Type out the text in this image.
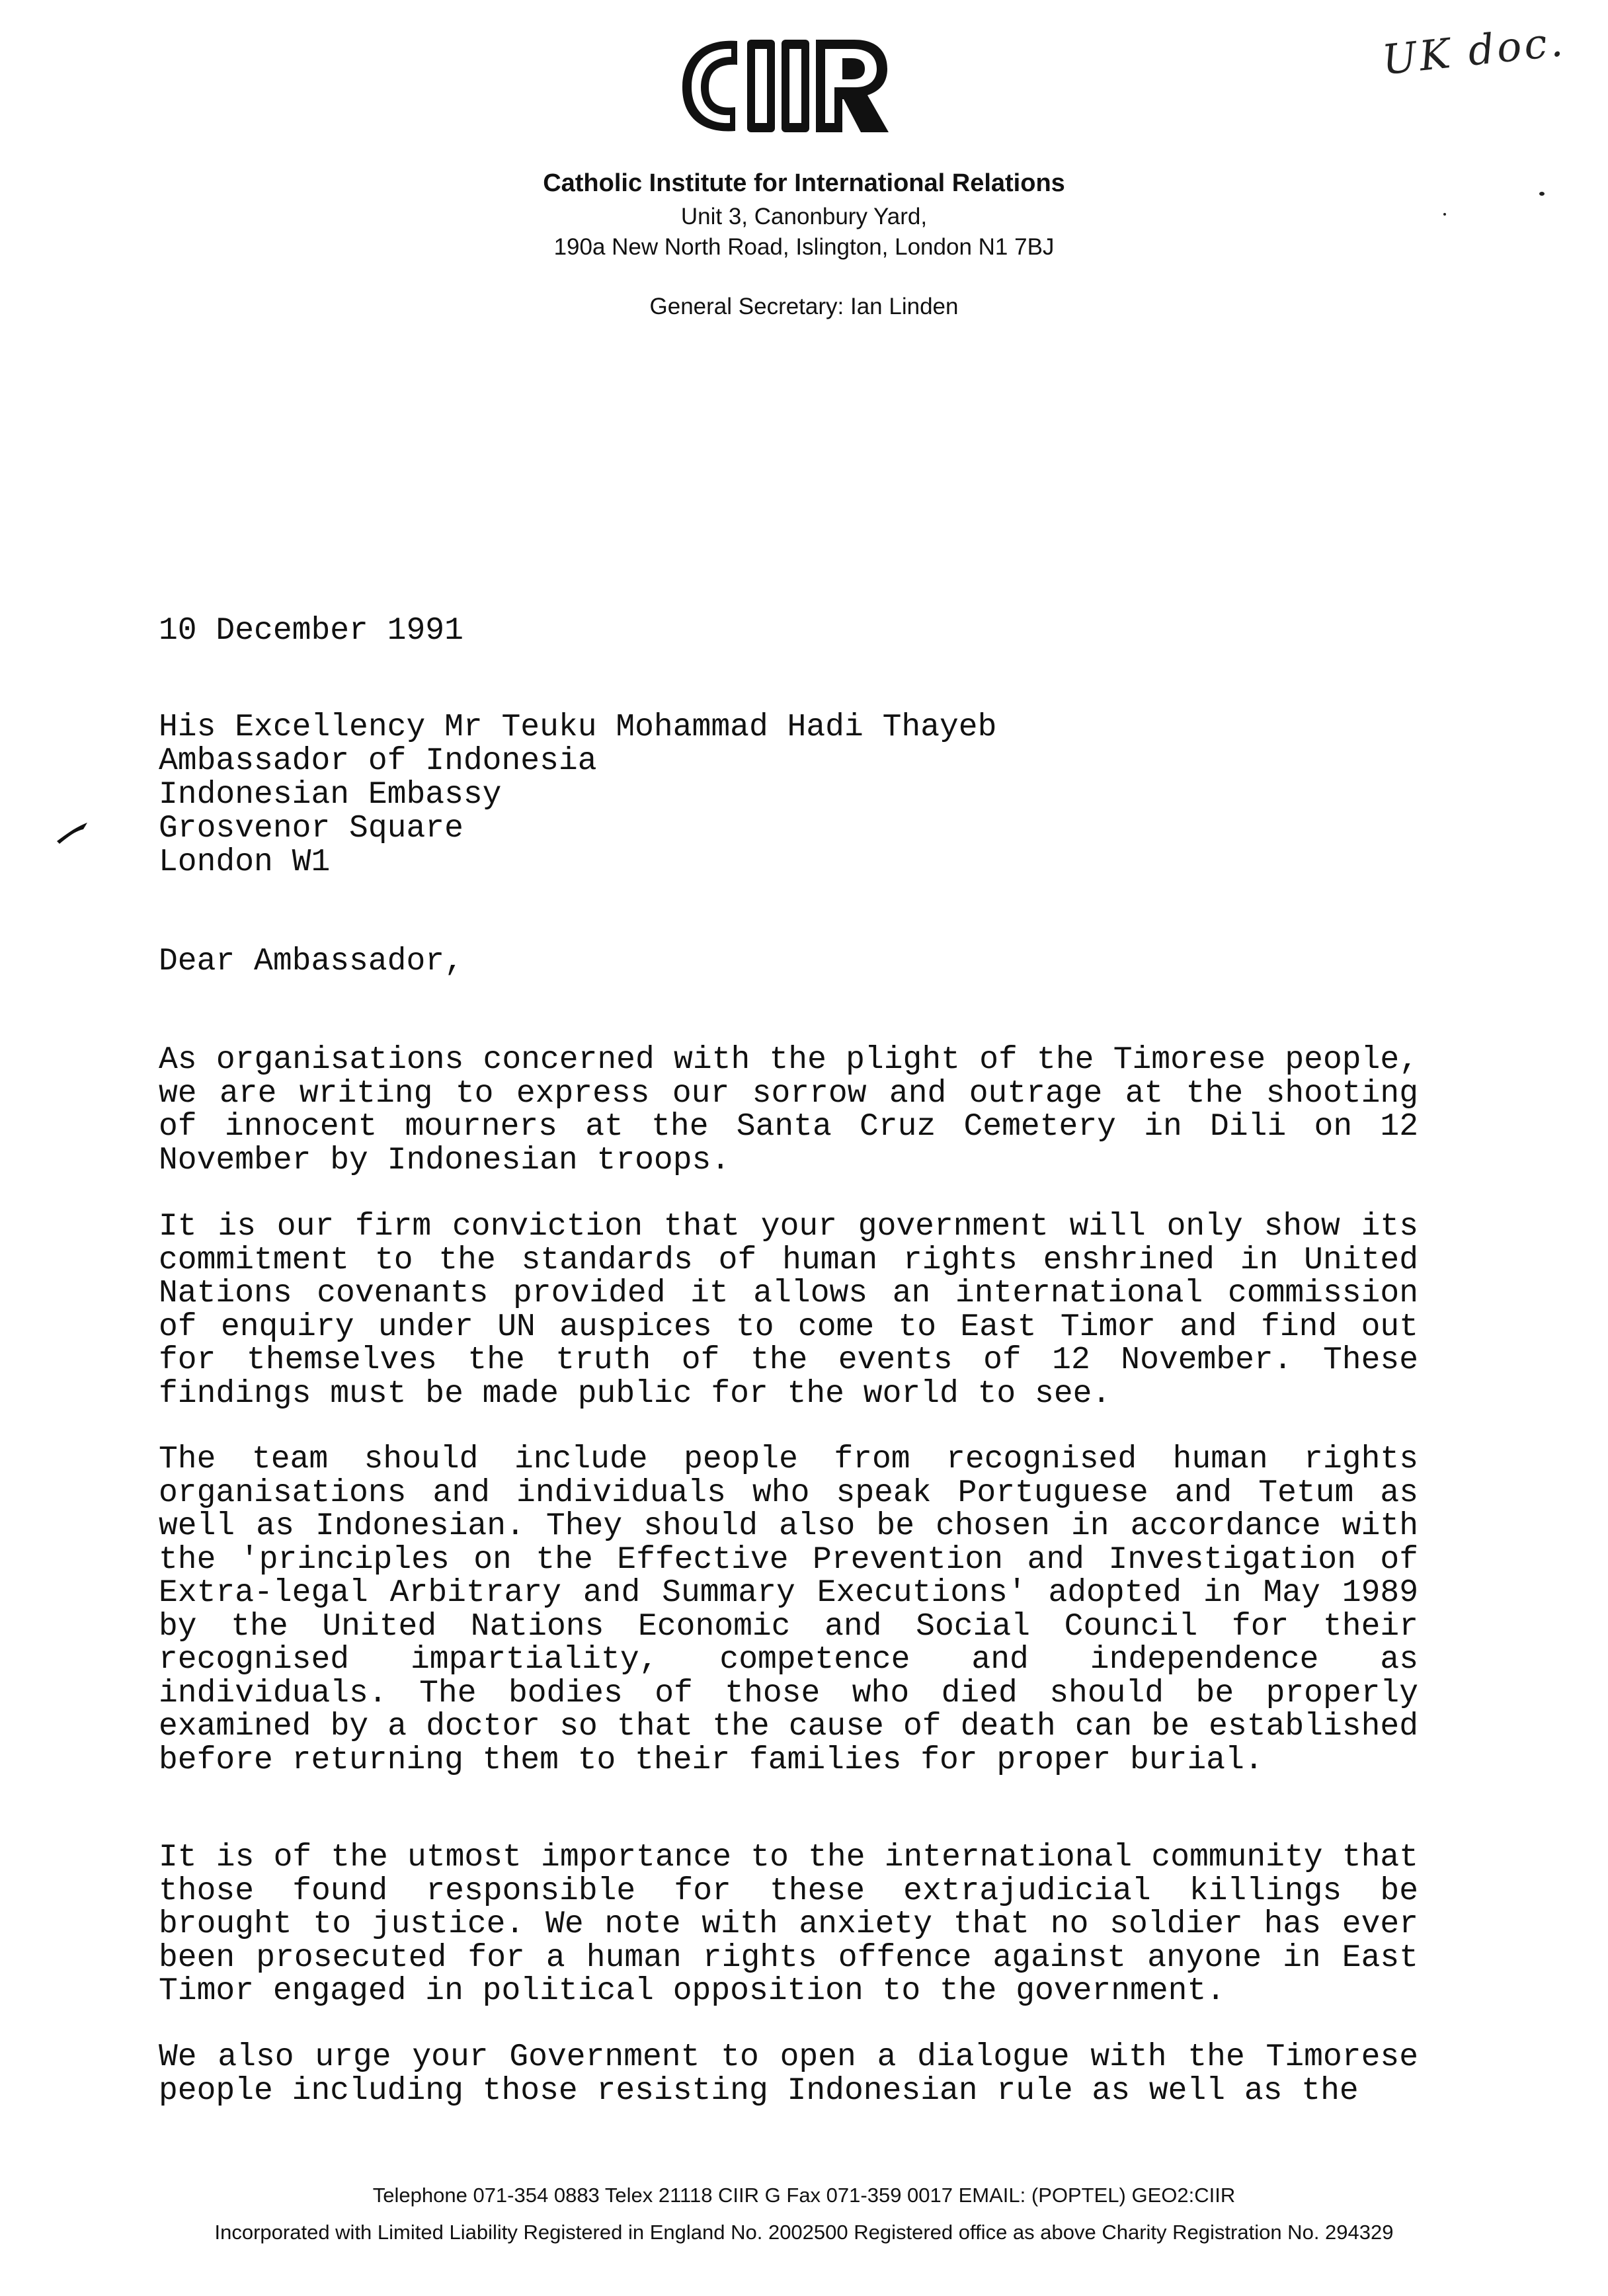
UK doc.
Catholic Institute for International Relations
Unit 3, Canonbury Yard,
190a New North Road, Islington, London N1 7BJ
General Secretary: Ian Linden
10 December 1991
His Excellency Mr Teuku Mohammad Hadi Thayeb
Ambassador of Indonesia
Indonesian Embassy
Grosvenor Square
London W1
Dear Ambassador,
As organisations concerned with the plight of the Timorese people, we are writing to express our sorrow and outrage at the shooting of innocent mourners at the Santa Cruz Cemetery in Dili on 12 November by Indonesian troops.
It is our firm conviction that your government will only show its commitment to the standards of human rights enshrined in United Nations covenants provided it allows an international commission of enquiry under UN auspices to come to East Timor and find out for themselves the truth of the events of 12 November. These findings must be made public for the world to see.
The team should include people from recognised human rights organisations and individuals who speak Portuguese and Tetum as well as Indonesian. They should also be chosen in accordance with the 'principles on the Effective Prevention and Investigation of Extra-legal Arbitrary and Summary Executions' adopted in May 1989 by the United Nations Economic and Social Council for their recognised impartiality, competence and independence as individuals. The bodies of those who died should be properly examined by a doctor so that the cause of death can be established before returning them to their families for proper burial.
It is of the utmost importance to the international community that those found responsible for these extrajudicial killings be brought to justice. We note with anxiety that no soldier has ever been prosecuted for a human rights offence against anyone in East Timor engaged in political opposition to the government.
We also urge your Government to open a dialogue with the Timorese people including those resisting Indonesian rule as well as the
Telephone 071-354 0883 Telex 21118 CIIR G Fax 071-359 0017 EMAIL: (POPTEL) GEO2:CIIR
Incorporated with Limited Liability Registered in England No. 2002500 Registered office as above Charity Registration No. 294329
